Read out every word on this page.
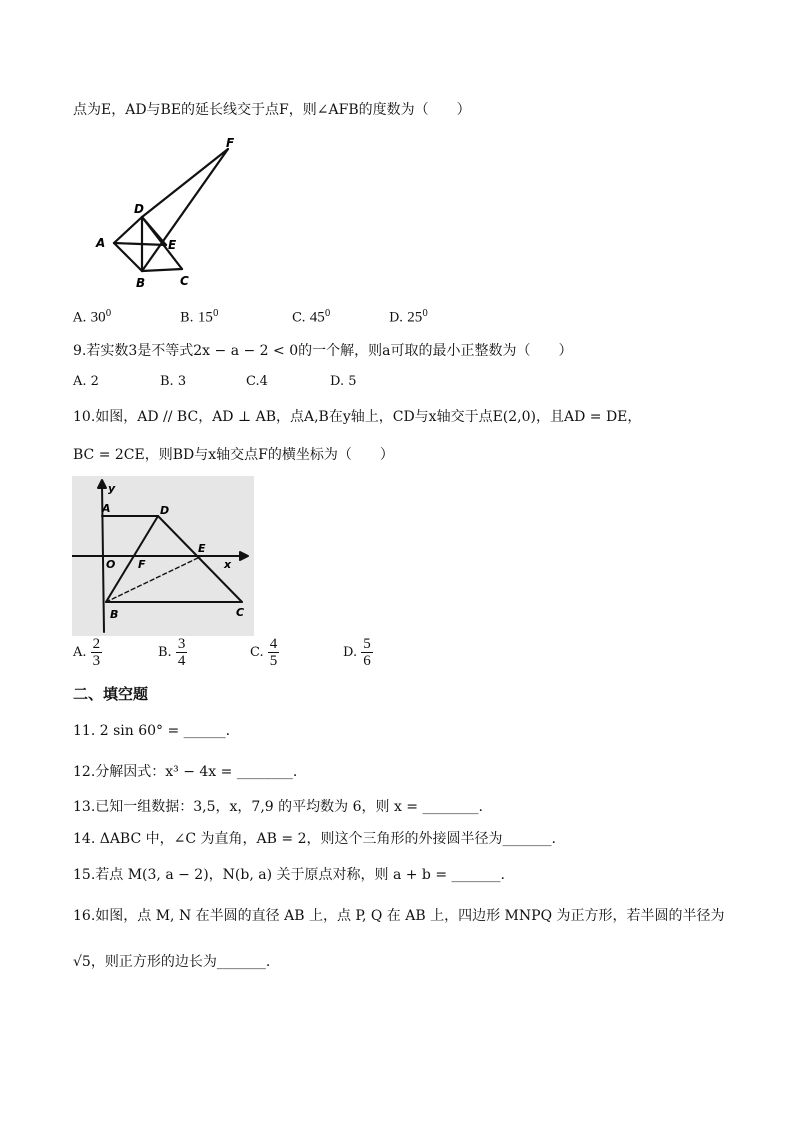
点为E，AD与BE的延长线交于点F，则∠AFB的度数为（　　）
F
D
A	E
B	C
A. $30^0$	B. $15^0$	C. $45^0$	D. $25^0$
9.若实数3是不等式2x − a − 2 < 0的一个解，则a可取的最小正整数为（　　）
A. 2	B. 3	C.4	D. 5
10.如图，AD // BC，AD ⊥ AB，点A,B在y轴上，CD与x轴交于点E(2,0)，且AD = DE，
BC = 2CE，则BD与x轴交点F的横坐标为（　　）
y
A	D
E
x
O F
B	C
A. $\frac{2}{3}$	B. $\frac{3}{4}$	C. $\frac{4}{5}$	D. $\frac{5}{6}$
二、填空题
11. 2 sin 60° = ______.
12.分解因式：x³ − 4x = ________.
13.已知一组数据：3,5，x，7,9 的平均数为 6，则 x = ________.
14. ΔABC 中，∠C 为直角，AB = 2，则这个三角形的外接圆半径为_______.
15.若点 M(3, a − 2)，N(b, a) 关于原点对称，则 a + b = _______.
16.如图，点 M, N 在半圆的直径 AB 上，点 P, Q 在 AB 上，四边形 MNPQ 为正方形，若半圆的半径为
√5，则正方形的边长为_______.
